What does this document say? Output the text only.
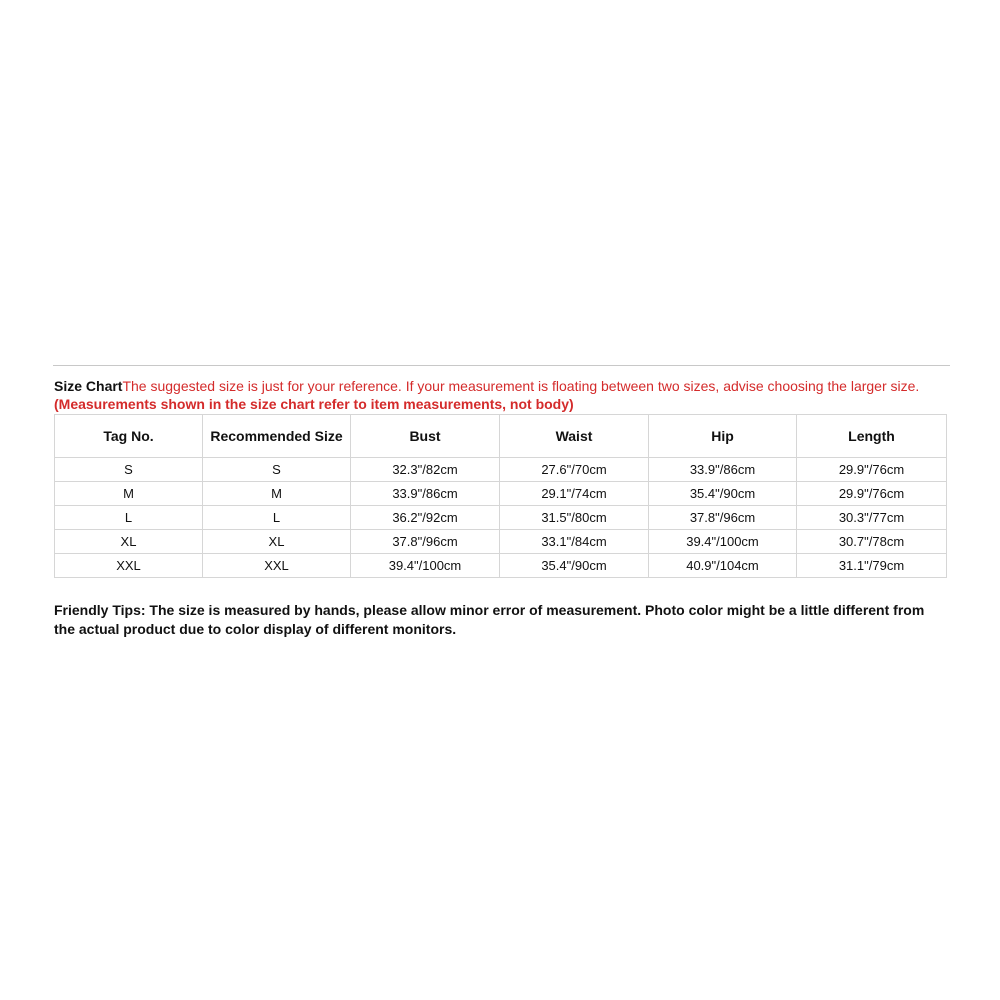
Size ChartThe suggested size is just for your reference. If your measurement is floating between two sizes, advise choosing the larger size. (Measurements shown in the size chart refer to item measurements, not body)
Tag No.	Recommended Size	Bust	Waist	Hip	Length
S	S	32.3"/82cm	27.6"/70cm	33.9"/86cm	29.9"/76cm
M	M	33.9"/86cm	29.1"/74cm	35.4"/90cm	29.9"/76cm
L	L	36.2"/92cm	31.5"/80cm	37.8"/96cm	30.3"/77cm
XL	XL	37.8"/96cm	33.1"/84cm	39.4"/100cm	30.7"/78cm
XXL	XXL	39.4"/100cm	35.4"/90cm	40.9"/104cm	31.1"/79cm
Friendly Tips: The size is measured by hands, please allow minor error of measurement. Photo color might be a little different from the actual product due to color display of different monitors.
